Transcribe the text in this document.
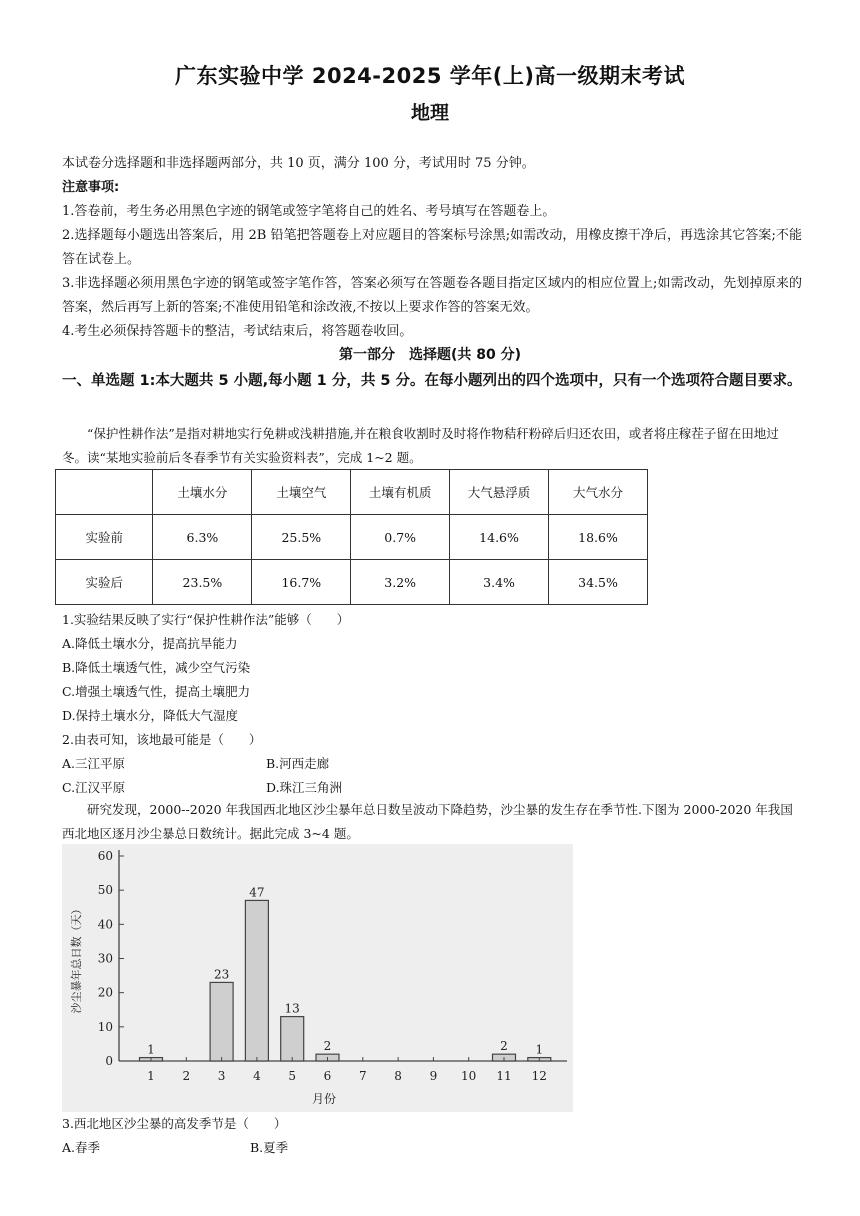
广东实验中学 2024-2025 学年(上)高一级期末考试
地理
本试卷分选择题和非选择题两部分，共 10 页，满分 100 分，考试用时 75 分钟。
注意事项:
1.答卷前，考生务必用黑色字迹的钢笔或签字笔将自己的姓名、考号填写在答题卷上。
2.选择题每小题选出答案后，用 2B 铅笔把答题卷上对应题目的答案标号涂黑;如需改动，用橡皮擦干净后，再选涂其它答案;不能答在试卷上。
3.非选择题必须用黑色字迹的钢笔或签字笔作答，答案必须写在答题卷各题目指定区域内的相应位置上;如需改动，先划掉原来的答案，然后再写上新的答案;不准使用铅笔和涂改液,不按以上要求作答的答案无效。
4.考生必须保持答题卡的整洁，考试结束后，将答题卷收回。
第一部分　选择题(共 80 分)
一、单选题 1:本大题共 5 小题,每小题 1 分，共 5 分。在每小题列出的四个选项中，只有一个选项符合题目要求。
“保护性耕作法”是指对耕地实行免耕或浅耕措施,并在粮食收割时及时将作物秸秆粉碎后归还农田，或者将庄稼茬子留在田地过冬。读“某地实验前后冬春季节有关实验资料表”，完成 1~2 题。
	土壤水分	土壤空气	土壤有机质	大气悬浮质	大气水分
实验前	6.3%	25.5%	0.7%	14.6%	18.6%
实验后	23.5%	16.7%	3.2%	3.4%	34.5%
1.实验结果反映了实行“保护性耕作法”能够（　　）
A.降低土壤水分，提高抗旱能力
B.降低土壤透气性，减少空气污染
C.增强土壤透气性，提高土壤肥力
D.保持土壤水分，降低大气湿度
2.由表可知，该地最可能是（　　）
A.三江平原	B.河西走廊
C.江汉平原	D.珠江三角洲
研究发现，2000--2020 年我国西北地区沙尘暴年总日数呈波动下降趋势，沙尘暴的发生存在季节性.下图为 2000-2020 年我国西北地区逐月沙尘暴总日数统计。据此完成 3~4 题。
0
10
20
30
40
50
60
沙尘暴年总日数（天）
1
1 2
23
3
47
4
13
5
2
6 7 8 9 10
2
11
1
12
月份
3.西北地区沙尘暴的高发季节是（　　）
A.春季	B.夏季
